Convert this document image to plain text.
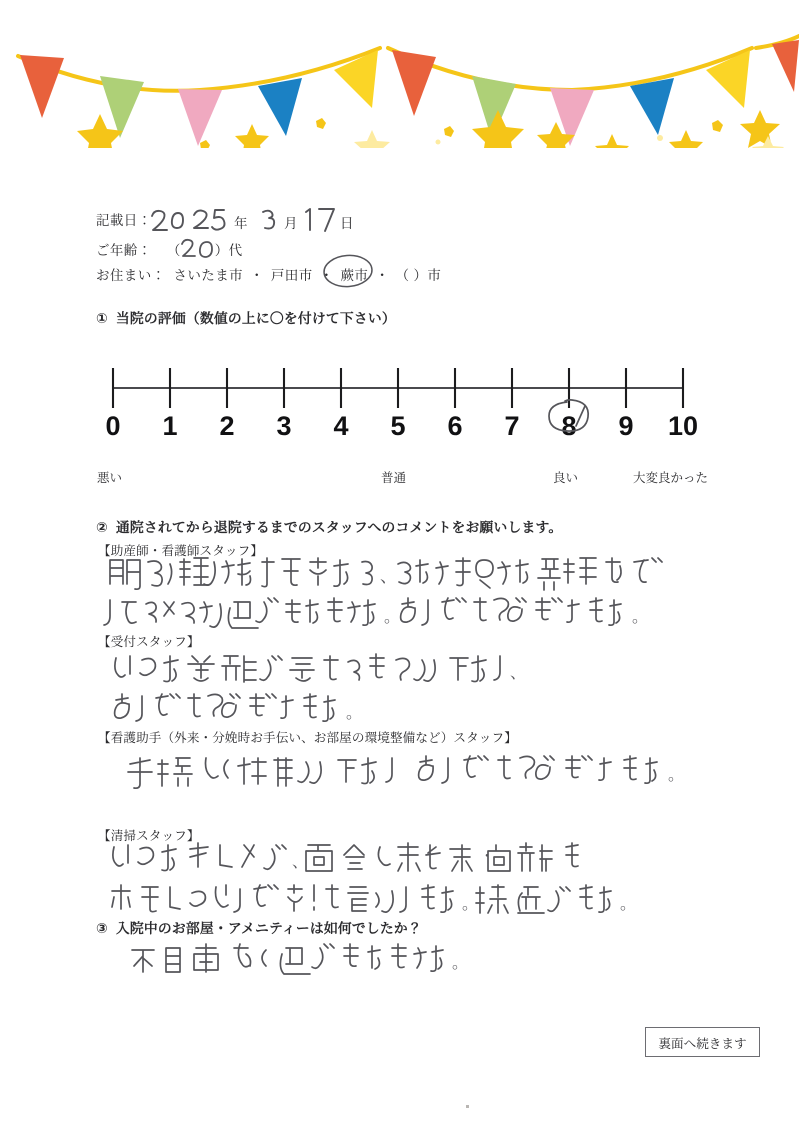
記載日：	年	月	日
ご年齢： （	）代
お住まい： さいたま市 ・ 戸田市 ・ 蕨市 ・ （ ）市
① 当院の評価（数値の上に〇を付けて下さい）
0 1 2 3 4 5 6 7 8 9 10
悪い	普通	良い	大変良かった
② 通院されてから退院するまでのスタッフへのコメントをお願いします。
【助産師・看護師スタッフ】
、
。	。
【受付スタッフ】
、
。
【看護助手（外来・分娩時お手伝い、お部屋の環境整備など）スタッフ】
。
【清掃スタッフ】
、	・
。	。
③ 入院中のお部屋・アメニティーは如何でしたか？
。
裏面へ続きます
